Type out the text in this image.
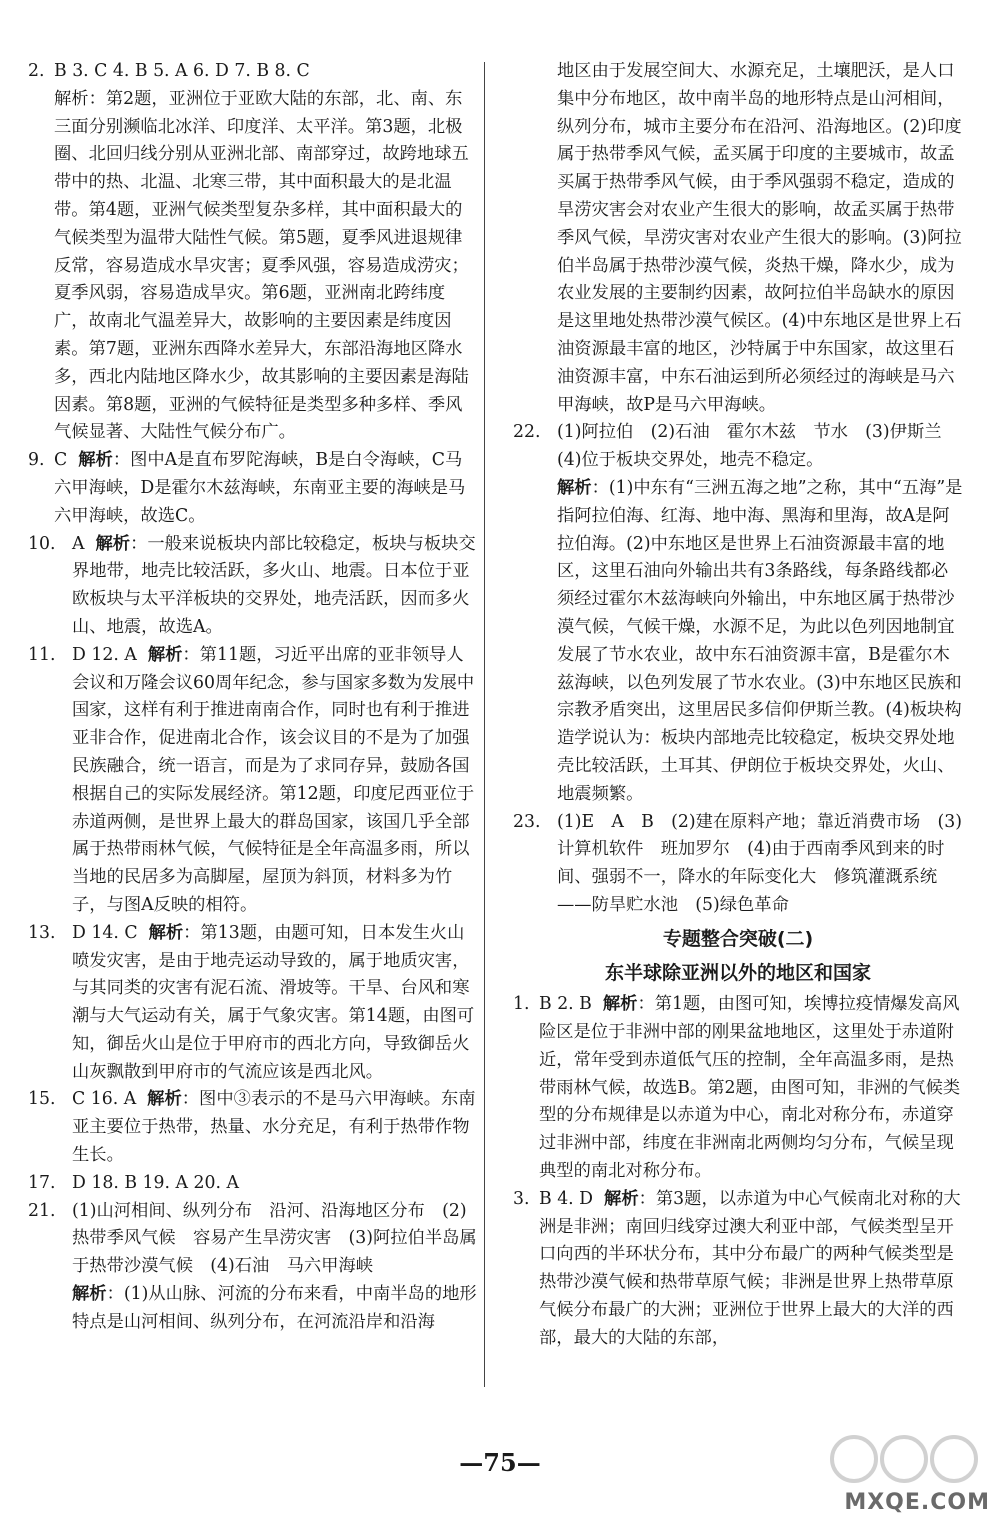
2. B 3. C 4. B 5. A 6. D 7. B 8. C

解析：第2题，亚洲位于亚欧大陆的东部，北、南、东三面分别濒临北冰洋、印度洋、太平洋。第3题，北极圈、北回归线分别从亚洲北部、南部穿过，故跨地球五带中的热、北温、北寒三带，其中面积最大的是北温带。第4题，亚洲气候类型复杂多样，其中面积最大的气候类型为温带大陆性气候。第5题，夏季风进退规律反常，容易造成水旱灾害；夏季风强，容易造成涝灾；夏季风弱，容易造成旱灾。第6题，亚洲南北跨纬度广，故南北气温差异大，故影响的主要因素是纬度因素。第7题，亚洲东西降水差异大，东部沿海地区降水多，西北内陆地区降水少，故其影响的主要因素是海陆因素。第8题，亚洲的气候特征是类型多种多样、季风气候显著、大陆性气候分布广。

9. C 解析：图中A是直布罗陀海峡，B是白令海峡，C马六甲海峡，D是霍尔木兹海峡，东南亚主要的海峡是马六甲海峡，故选C。

10. A 解析：一般来说板块内部比较稳定，板块与板块交界地带，地壳比较活跃，多火山、地震。日本位于亚欧板块与太平洋板块的交界处，地壳活跃，因而多火山、地震，故选A。

11. D 12. A 解析：第11题，习近平出席的亚非领导人会议和万隆会议60周年纪念，参与国家多数为发展中国家，这样有利于推进南南合作，同时也有利于推进亚非合作，促进南北合作，该会议目的不是为了加强民族融合，统一语言，而是为了求同存异，鼓励各国根据自己的实际发展经济。第12题，印度尼西亚位于赤道两侧，是世界上最大的群岛国家，该国几乎全部属于热带雨林气候，气候特征是全年高温多雨，所以当地的民居多为高脚屋，屋顶为斜顶，材料多为竹子，与图A反映的相符。

13. D 14. C 解析：第13题，由题可知，日本发生火山喷发灾害，是由于地壳运动导致的，属于地质灾害，与其同类的灾害有泥石流、滑坡等。干旱、台风和寒潮与大气运动有关，属于气象灾害。第14题，由图可知，御岳火山是位于甲府市的西北方向，导致御岳火山灰飘散到甲府市的气流应该是西北风。

15. C 16. A 解析：图中③表示的不是马六甲海峡。东南亚主要位于热带，热量、水分充足，有利于热带作物生长。

17. D 18. B 19. A 20. A

21. (1)山河相间、纵列分布　沿河、沿海地区分布　(2)热带季风气候　容易产生旱涝灾害　(3)阿拉伯半岛属于热带沙漠气候　(4)石油　马六甲海峡

解析：(1)从山脉、河流的分布来看，中南半岛的地形特点是山河相间、纵列分布，在河流沿岸和沿海

地区由于发展空间大、水源充足，土壤肥沃，是人口集中分布地区，故中南半岛的地形特点是山河相间，纵列分布，城市主要分布在沿河、沿海地区。(2)印度属于热带季风气候，孟买属于印度的主要城市，故孟买属于热带季风气候，由于季风强弱不稳定，造成的旱涝灾害会对农业产生很大的影响，故孟买属于热带季风气候，旱涝灾害对农业产生很大的影响。(3)阿拉伯半岛属于热带沙漠气候，炎热干燥，降水少，成为农业发展的主要制约因素，故阿拉伯半岛缺水的原因是这里地处热带沙漠气候区。(4)中东地区是世界上石油资源最丰富的地区，沙特属于中东国家，故这里石油资源丰富，中东石油运到所必须经过的海峡是马六甲海峡，故P是马六甲海峡。

22. (1)阿拉伯　(2)石油　霍尔木兹　节水　(3)伊斯兰　(4)位于板块交界处，地壳不稳定。

解析：(1)中东有“三洲五海之地”之称，其中“五海”是指阿拉伯海、红海、地中海、黑海和里海，故A是阿拉伯海。(2)中东地区是世界上石油资源最丰富的地区，这里石油向外输出共有3条路线，每条路线都必须经过霍尔木兹海峡向外输出，中东地区属于热带沙漠气候，气候干燥，水源不足，为此以色列因地制宜发展了节水农业，故中东石油资源丰富，B是霍尔木兹海峡，以色列发展了节水农业。(3)中东地区民族和宗教矛盾突出，这里居民多信仰伊斯兰教。(4)板块构造学说认为：板块内部地壳比较稳定，板块交界处地壳比较活跃，土耳其、伊朗位于板块交界处，火山、地震频繁。

23. (1)E　A　B　(2)建在原料产地；靠近消费市场　(3)计算机软件　班加罗尔　(4)由于西南季风到来的时间、强弱不一，降水的年际变化大　修筑灌溉系统——防旱贮水池　(5)绿色革命

专题整合突破(二)
东半球除亚洲以外的地区和国家

1. B 2. B 解析：第1题，由图可知，埃博拉疫情爆发高风险区是位于非洲中部的刚果盆地地区，这里处于赤道附近，常年受到赤道低气压的控制，全年高温多雨，是热带雨林气候，故选B。第2题，由图可知，非洲的气候类型的分布规律是以赤道为中心，南北对称分布，赤道穿过非洲中部，纬度在非洲南北两侧均匀分布，气候呈现典型的南北对称分布。

3. B 4. D 解析：第3题，以赤道为中心气候南北对称的大洲是非洲；南回归线穿过澳大利亚中部，气候类型呈开口向西的半环状分布，其中分布最广的两种气候类型是热带沙漠气候和热带草原气候；非洲是世界上热带草原气候分布最广的大洲；亚洲位于世界上最大的大洋的西部，最大的大陆的东部，

—75—
MXQE.COM
